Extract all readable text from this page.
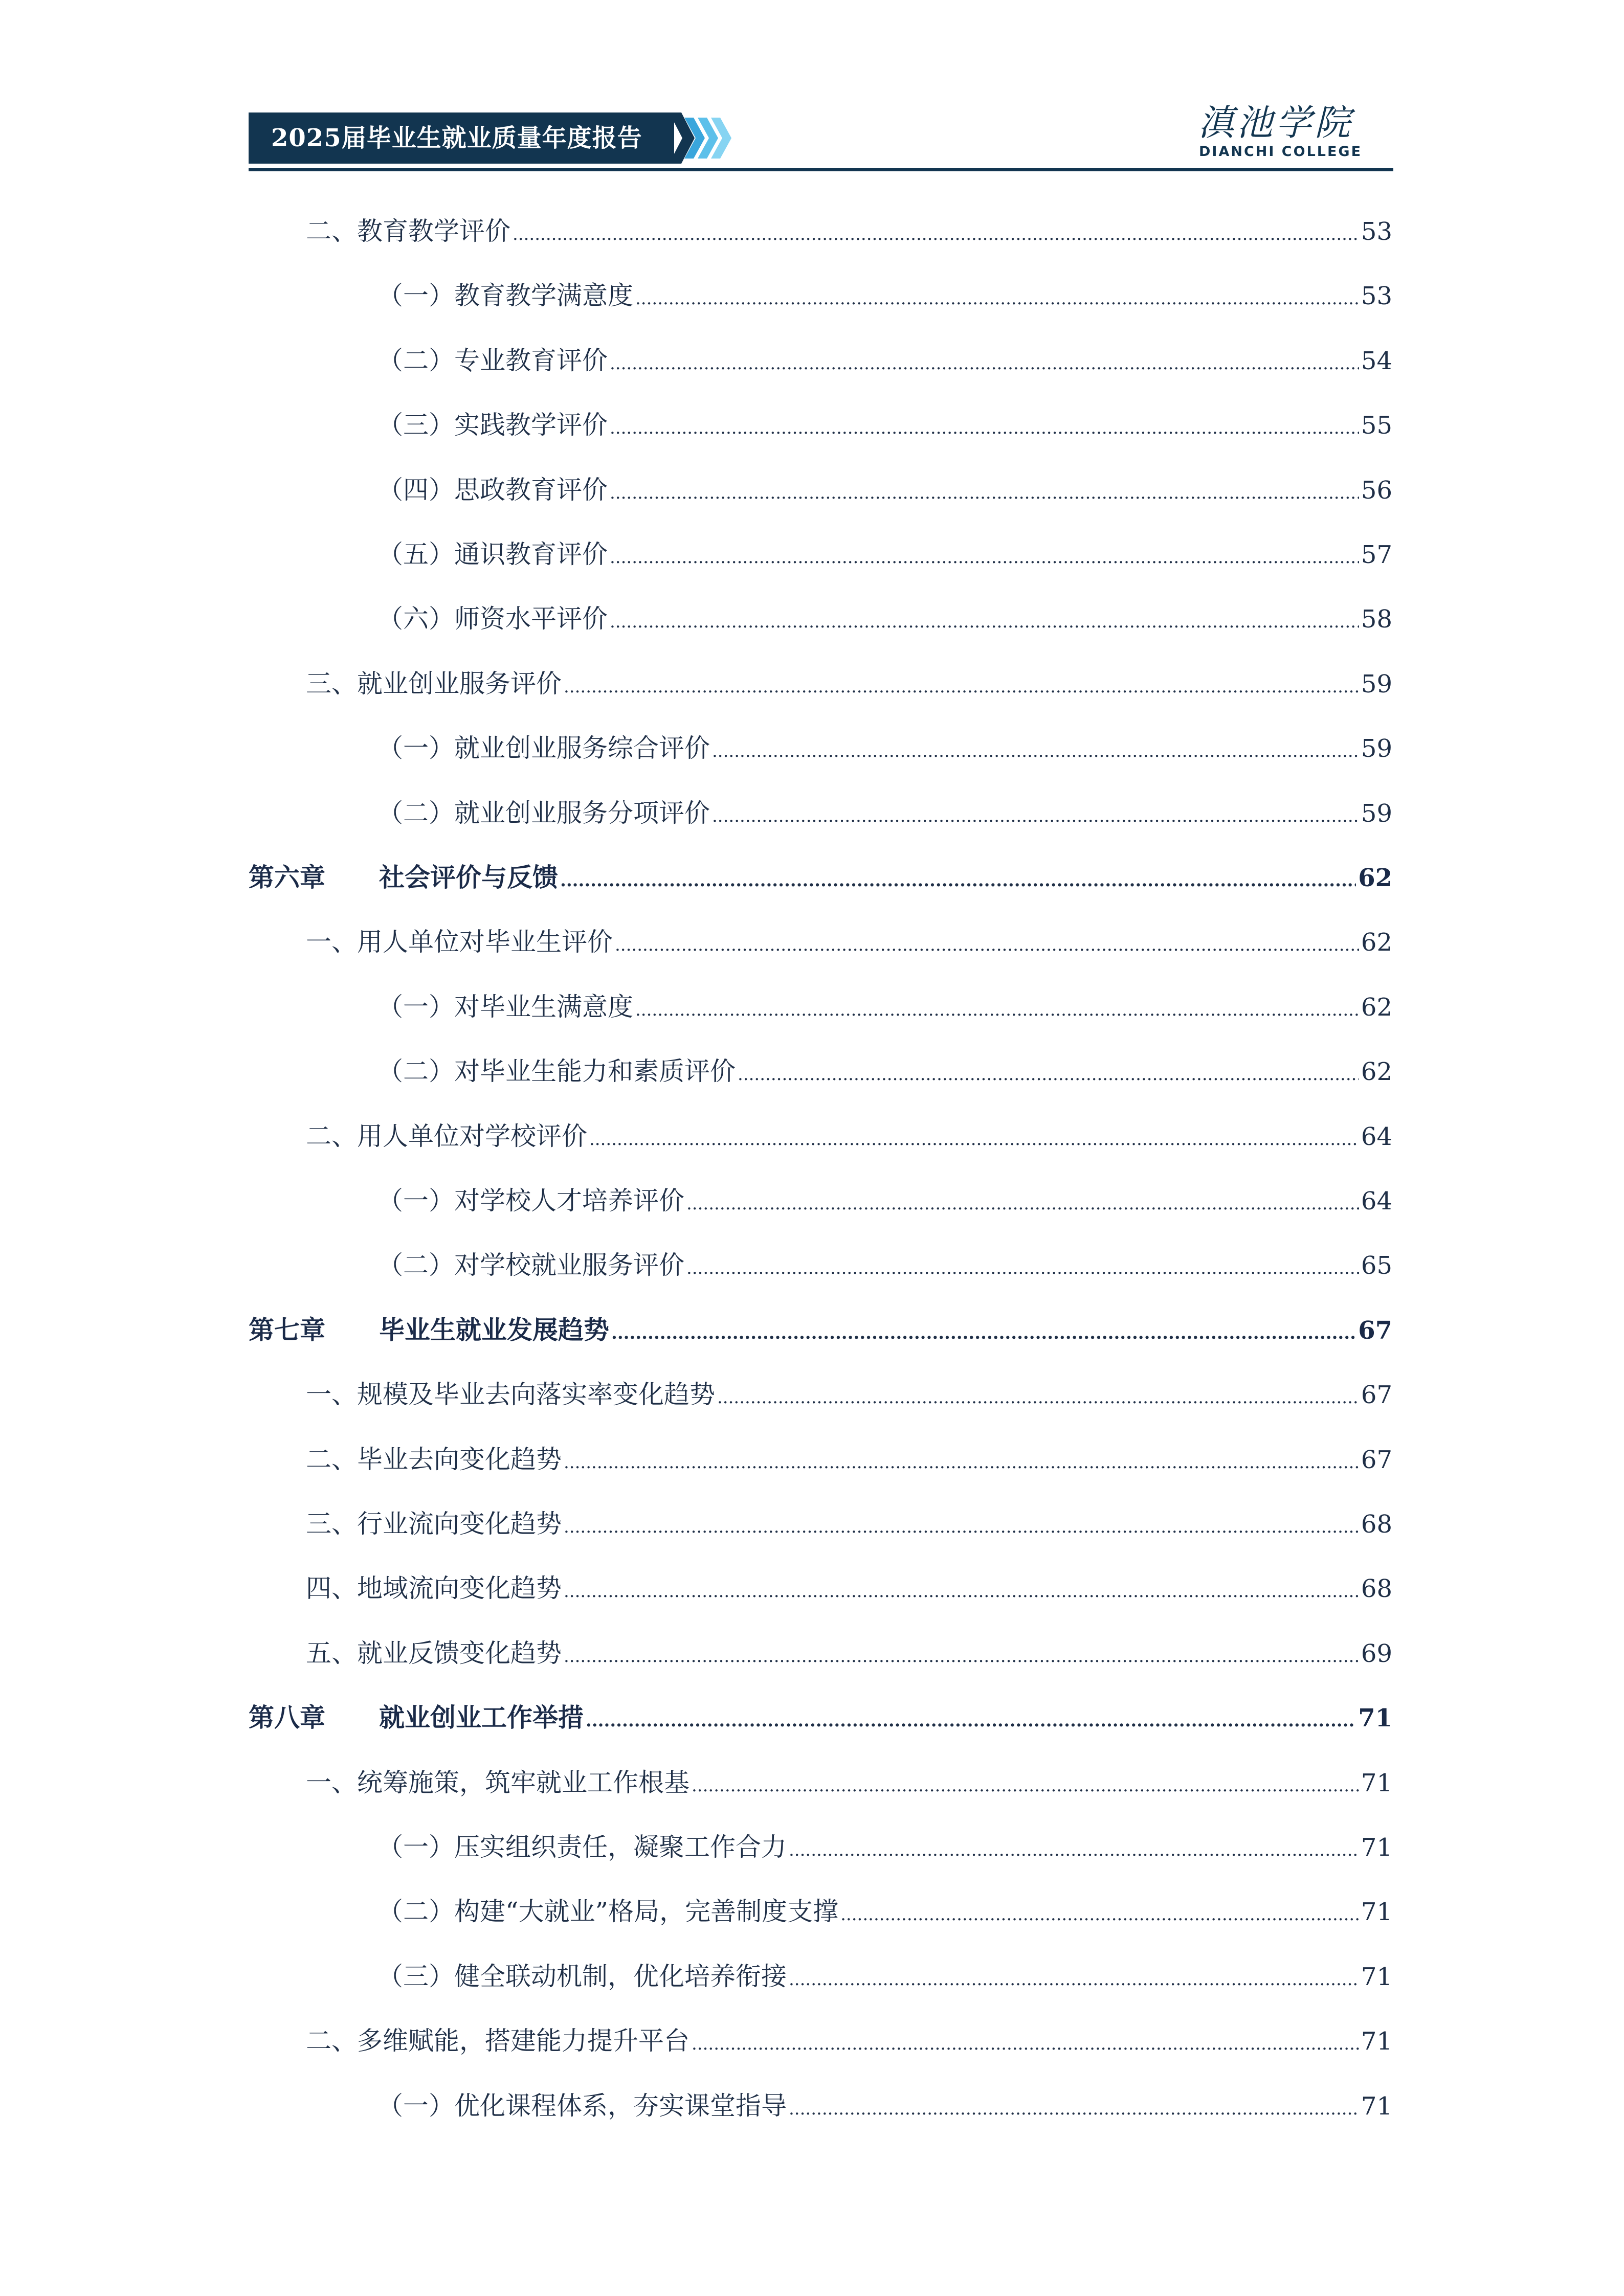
2025届毕业生就业质量年度报告	滇池学院
DIANCHI COLLEGE
二、教育教学评价 .....	53
（一）教育教学满意度 .....	53
（二）专业教育评价 .....	54
（三）实践教学评价 .....	55
（四）思政教育评价 .....	56
（五）通识教育评价 .....	57
（六）师资水平评价 .....	58
三、就业创业服务评价 .....	59
（一）就业创业服务综合评价 .....	59
（二）就业创业服务分项评价 .....	59
第六章 社会评价与反馈 .....	62
一、用人单位对毕业生评价 .....	62
（一）对毕业生满意度 .....	62
（二）对毕业生能力和素质评价 .....	62
二、用人单位对学校评价 .....	64
（一）对学校人才培养评价 .....	64
（二）对学校就业服务评价 .....	65
第七章 毕业生就业发展趋势 .....	67
一、规模及毕业去向落实率变化趋势 .....	67
二、毕业去向变化趋势 .....	67
三、行业流向变化趋势 .....	68
四、地域流向变化趋势 .....	68
五、就业反馈变化趋势 .....	69
第八章 就业创业工作举措 .....	71
一、统筹施策，筑牢就业工作根基 .....	71
（一）压实组织责任，凝聚工作合力 .....	71
（二）构建“大就业”格局，完善制度支撑 .....	71
（三）健全联动机制，优化培养衔接 .....	71
二、多维赋能，搭建能力提升平台 .....	71
（一）优化课程体系，夯实课堂指导 .....	71
